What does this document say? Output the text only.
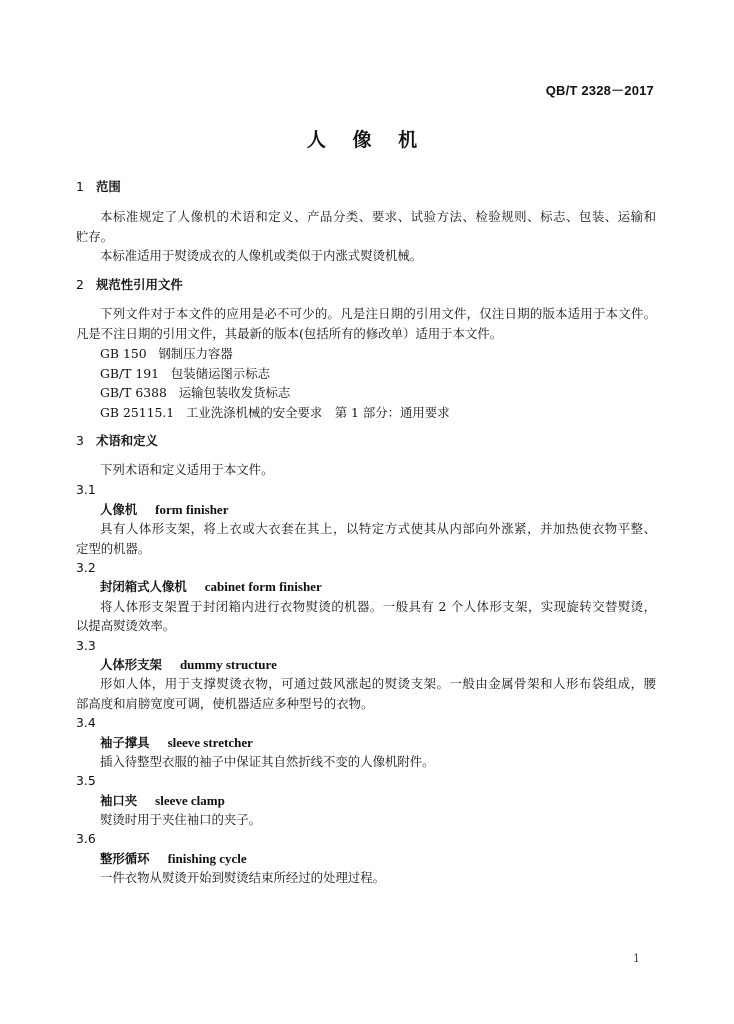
QB/T 2328－2017
人 像 机
1 范围
本标准规定了人像机的术语和定义、产品分类、要求、试验方法、检验规则、标志、包装、运输和
贮存。
本标准适用于熨烫成衣的人像机或类似于内涨式熨烫机械。
2 规范性引用文件
下列文件对于本文件的应用是必不可少的。凡是注日期的引用文件，仅注日期的版本适用于本文件。
凡是不注日期的引用文件，其最新的版本(包括所有的修改单）适用于本文件。
GB 150 钢制压力容器
GB/T 191 包装储运图示标志
GB/T 6388 运输包装收发货标志
GB 25115.1 工业洗涤机械的安全要求　第 1 部分：通用要求
3 术语和定义
下列术语和定义适用于本文件。
3.1
人像机 form finisher
具有人体形支架，将上衣或大衣套在其上，以特定方式使其从内部向外涨紧，并加热使衣物平整、
定型的机器。
3.2
封闭箱式人像机 cabinet form finisher
将人体形支架置于封闭箱内进行衣物熨烫的机器。一般具有 2 个人体形支架，实现旋转交替熨烫，
以提高熨烫效率。
3.3
人体形支架 dummy structure
形如人体，用于支撑熨烫衣物，可通过鼓风涨起的熨烫支架。一般由金属骨架和人形布袋组成，腰
部高度和肩膀宽度可调，使机器适应多种型号的衣物。
3.4
袖子撑具 sleeve stretcher
插入待整型衣服的袖子中保证其自然折线不变的人像机附件。
3.5
袖口夹 sleeve clamp
熨烫时用于夹住袖口的夹子。
3.6
整形循环 finishing cycle
一件衣物从熨烫开始到熨烫结束所经过的处理过程。
1
